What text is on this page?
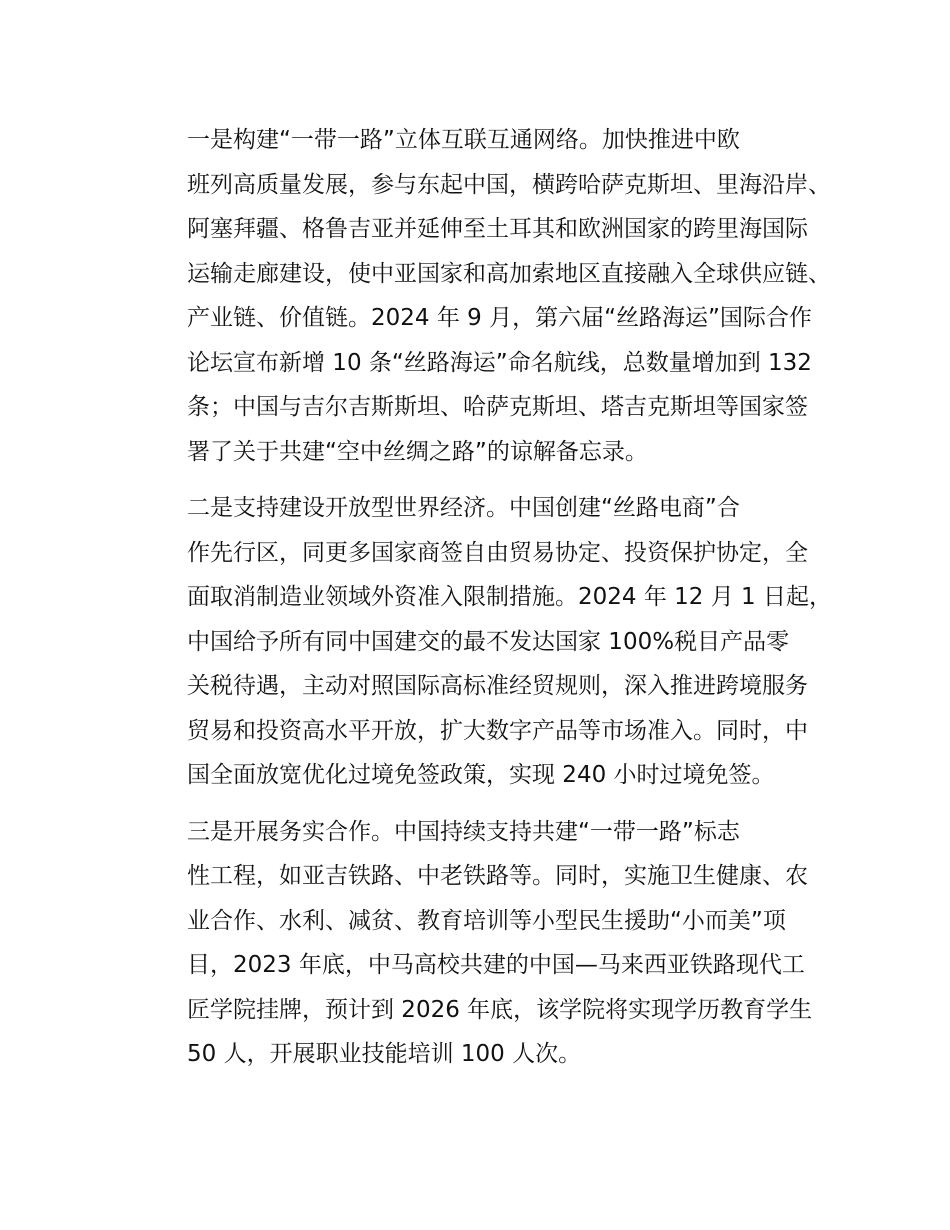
一是构建“一带一路”立体互联互通网络。加快推进中欧
班列高质量发展，参与东起中国，横跨哈萨克斯坦、里海沿岸、
阿塞拜疆、格鲁吉亚并延伸至土耳其和欧洲国家的跨里海国际
运输走廊建设，使中亚国家和高加索地区直接融入全球供应链、
产业链、价值链。2024 年 9 月，第六届“丝路海运”国际合作
论坛宣布新增 10 条“丝路海运”命名航线，总数量增加到 132
条；中国与吉尔吉斯斯坦、哈萨克斯坦、塔吉克斯坦等国家签
署了关于共建“空中丝绸之路”的谅解备忘录。

二是支持建设开放型世界经济。中国创建“丝路电商”合
作先行区，同更多国家商签自由贸易协定、投资保护协定，全
面取消制造业领域外资准入限制措施。2024 年 12 月 1 日起，
中国给予所有同中国建交的最不发达国家 100%税目产品零
关税待遇，主动对照国际高标准经贸规则，深入推进跨境服务
贸易和投资高水平开放，扩大数字产品等市场准入。同时，中
国全面放宽优化过境免签政策，实现 240 小时过境免签。

三是开展务实合作。中国持续支持共建“一带一路”标志
性工程，如亚吉铁路、中老铁路等。同时，实施卫生健康、农
业合作、水利、减贫、教育培训等小型民生援助“小而美”项
目，2023 年底，中马高校共建的中国—马来西亚铁路现代工
匠学院挂牌，预计到 2026 年底，该学院将实现学历教育学生
50 人，开展职业技能培训 100 人次。
